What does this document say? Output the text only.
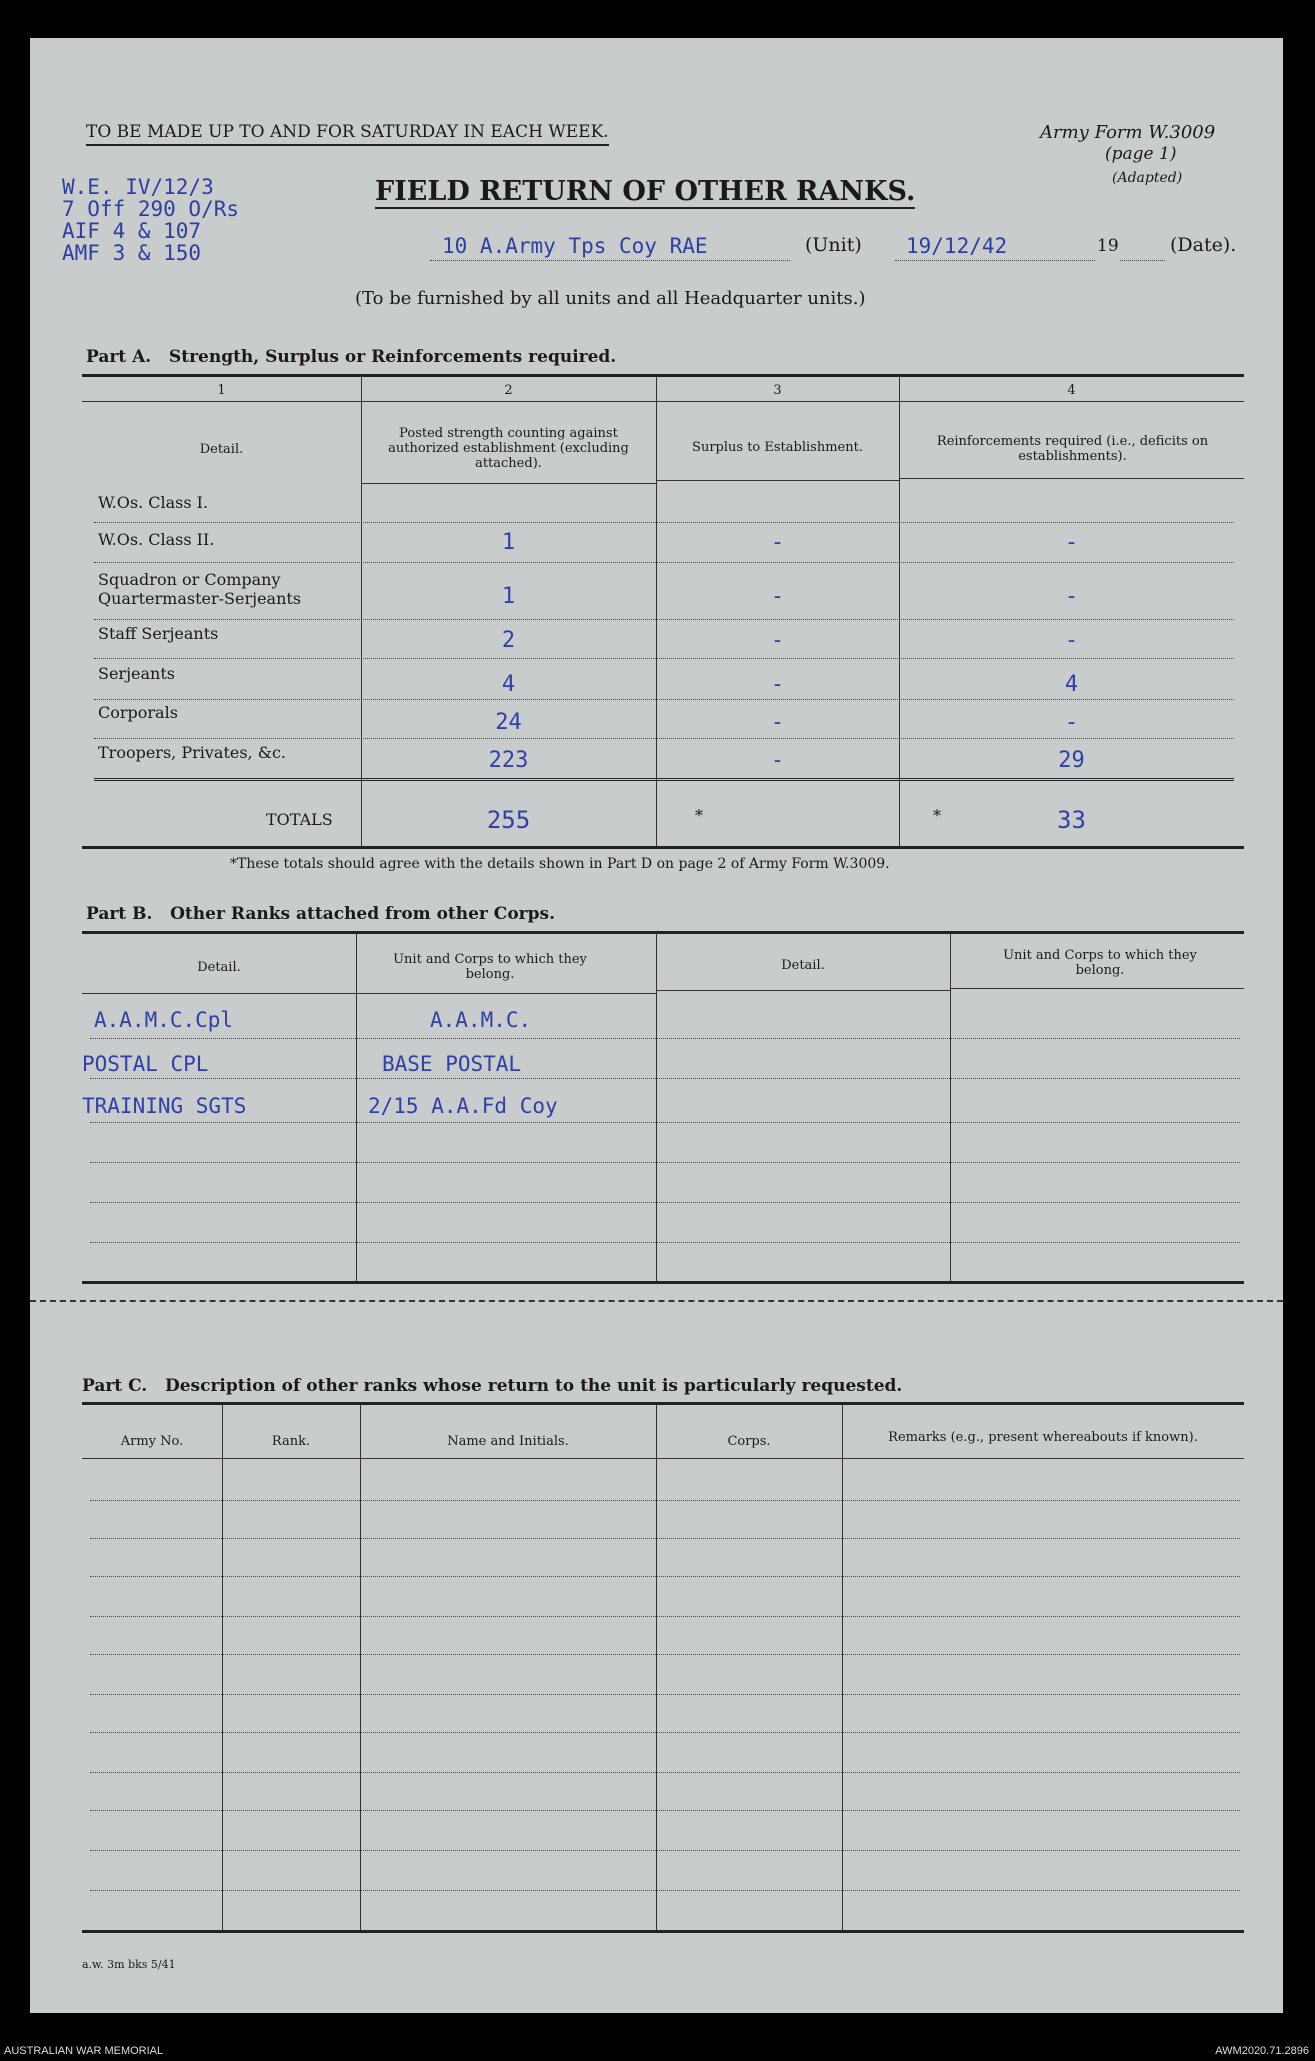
TO BE MADE UP TO AND FOR SATURDAY IN EACH WEEK.	Army Form W.3009
(page 1)
(Adapted)
W.E. IV/12/3
7 Off 290 O/Rs
AIF 4 & 107
AMF 3 & 150
FIELD RETURN OF OTHER RANKS.
10 A.Army Tps Coy RAE	(Unit) 19/12/42	19	(Date).
(To be furnished by all units and all Headquarter units.)
Part A.   Strength, Surplus or Reinforcements required.
1	2	3	4
Detail.
Posted strength counting against authorized establishment (excluding attached).
Surplus to Establishment.	Reinforcements required (i.e., deficits on establishments).
W.Os. Class I.
W.Os. Class II.	1	-	-
Squadron or Company Quartermaster-Serjeants	1	-	-
Staff Serjeants	2	-	-
Serjeants	4	-	4
Corporals	24	-	-
Troopers, Privates, &c.	223	-	29
TOTALS	255	*	*	33
*These totals should agree with the details shown in Part D on page 2 of Army Form W.3009.
Part B.   Other Ranks attached from other Corps.
Detail.
Unit and Corps to which they belong.
Detail.
Unit and Corps to which they belong.
A.A.M.C.Cpl	A.A.M.C.
POSTAL CPL	BASE POSTAL
TRAINING SGTS	2/15 A.A.Fd Coy
Part C.   Description of other ranks whose return to the unit is particularly requested.
Army No.	Rank.	Name and Initials.	Corps.	Remarks (e.g., present whereabouts if known).
a.w. 3m bks 5/41
AUSTRALIAN WAR MEMORIAL	AWM2020.71.2896
